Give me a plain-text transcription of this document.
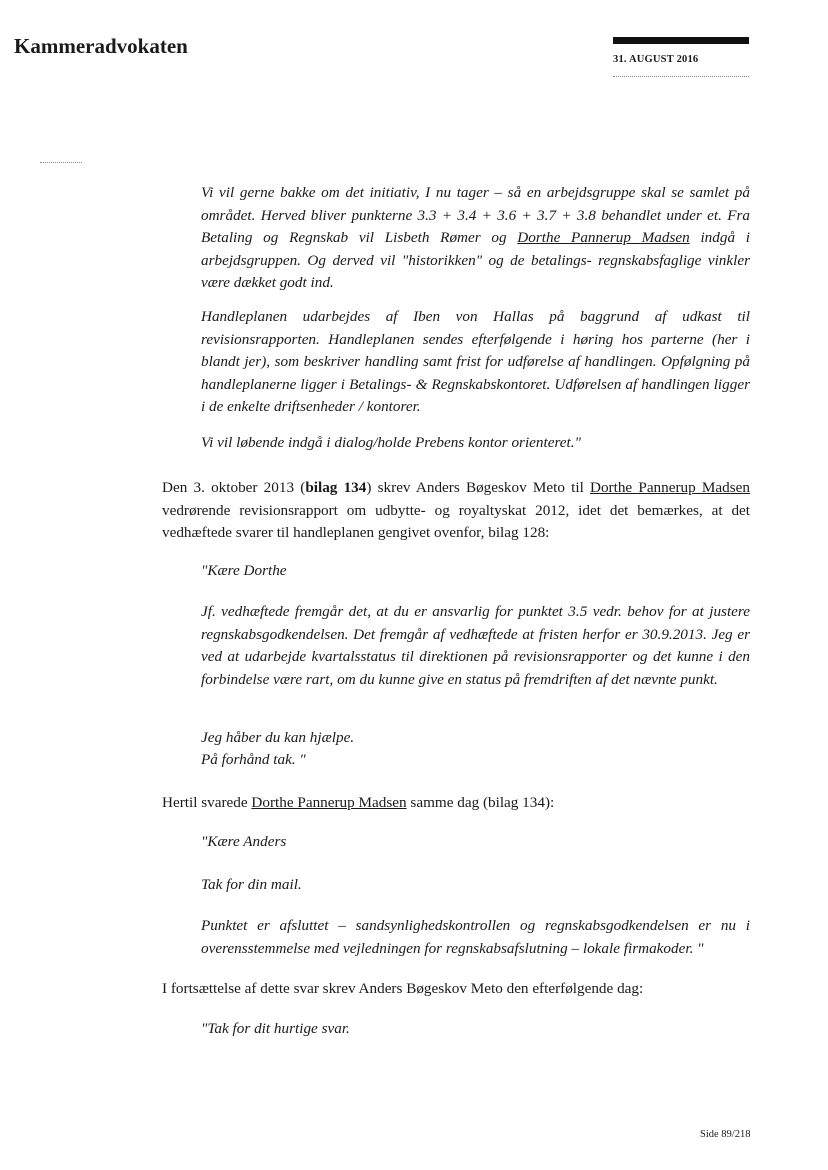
Kammeradvokaten
31. AUGUST 2016

Vi vil gerne bakke om det initiativ, I nu tager – så en arbejdsgruppe skal se samlet på området. Herved bliver punkterne 3.3 + 3.4 + 3.6 + 3.7 + 3.8 behandlet under et. Fra Betaling og Regnskab vil Lisbeth Rømer og Dorthe Pannerup Madsen indgå i arbejdsgruppen. Og derved vil "historikken" og de betalings- regnskabsfaglige vinkler være dækket godt ind.

Handleplanen udarbejdes af Iben von Hallas på baggrund af udkast til revisionsrapporten. Handleplanen sendes efterfølgende i høring hos parterne (her i blandt jer), som beskriver handling samt frist for udførelse af handlingen. Opfølgning på handleplanerne ligger i Betalings- & Regnskabskontoret. Udførelsen af handlingen ligger i de enkelte driftsenheder / kontorer.

Vi vil løbende indgå i dialog/holde Prebens kontor orienteret."

Den 3. oktober 2013 (bilag 134) skrev Anders Bøgeskov Meto til Dorthe Pannerup Madsen vedrørende revisionsrapport om udbytte- og royaltyskat 2012, idet det bemærkes, at det vedhæftede svarer til handleplanen gengivet ovenfor, bilag 128:

"Kære Dorthe

Jf. vedhæftede fremgår det, at du er ansvarlig for punktet 3.5 vedr. behov for at justere regnskabsgodkendelsen. Det fremgår af vedhæftede at fristen herfor er 30.9.2013. Jeg er ved at udarbejde kvartalsstatus til direktionen på revisionsrapporter og det kunne i den forbindelse være rart, om du kunne give en status på fremdriften af det nævnte punkt.

Jeg håber du kan hjælpe.

På forhånd tak. "

Hertil svarede Dorthe Pannerup Madsen samme dag (bilag 134):

"Kære Anders

Tak for din mail.

Punktet er afsluttet – sandsynlighedskontrollen og regnskabsgodkendelsen er nu i overensstemmelse med vejledningen for regnskabsafslutning – lokale firmakoder. "

I fortsættelse af dette svar skrev Anders Bøgeskov Meto den efterfølgende dag:

"Tak for dit hurtige svar.

Side 89/218
